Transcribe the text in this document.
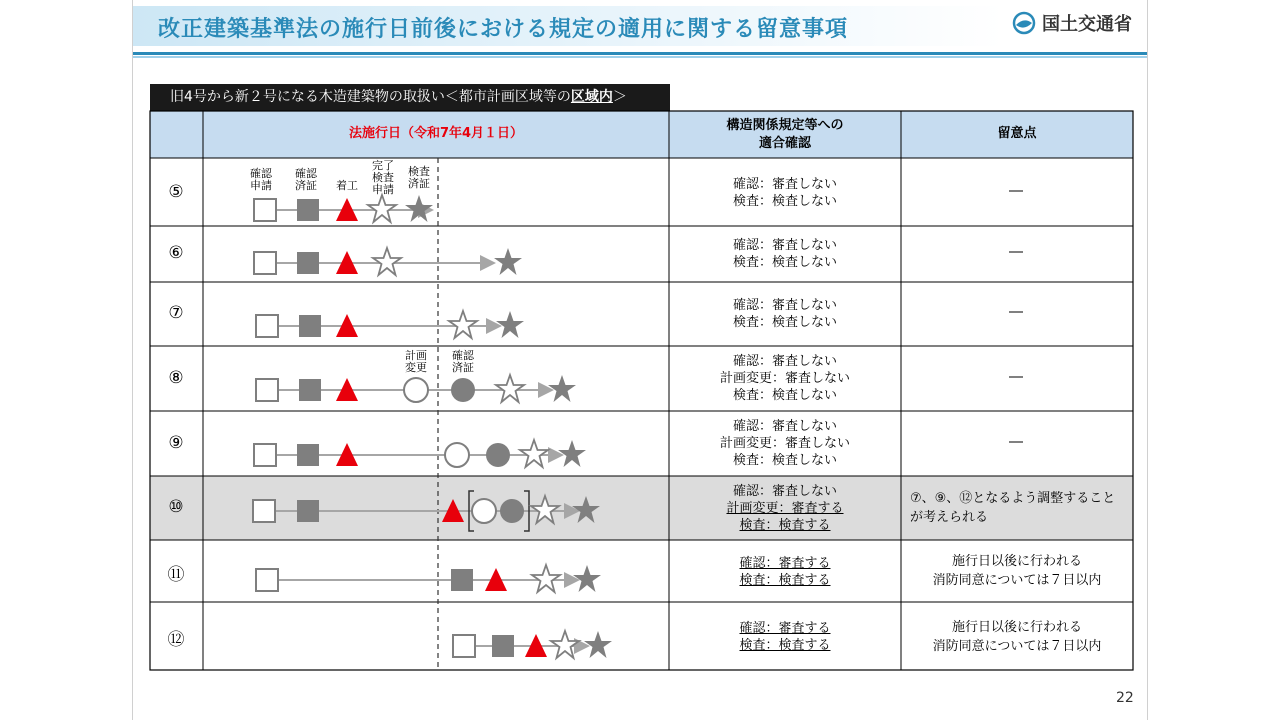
改正建築基準法の施行日前後における規定の適用に関する留意事項	国土交通省
旧4号から新２号になる木造建築物の取扱い＜都市計画区域等の区域内＞
法施行日（令和7年4月１日）
構造関係規定等への
適合確認
留意点
確認
申請
確認
済証	着工
完了
検査
申請
検査
済証
計画
変更
確認
済証
⑤
⑥
⑦
⑧
⑨
⑩
⑪
⑫
確認：審査しない
検査：検査しない
確認：審査しない
検査：検査しない
確認：審査しない
検査：検査しない
確認：審査しない
計画変更：審査しない
検査：検査しない
確認：審査しない
計画変更：審査しない
検査：検査しない
確認：審査しない
計画変更：審査する
検査：検査する
確認：審査する
検査：検査する
確認：審査する
検査：検査する
―
―
―
―
―
⑦、⑨、⑫となるよう調整すること
が考えられる
施行日以後に行われる
消防同意については７日以内
施行日以後に行われる
消防同意については７日以内
22
